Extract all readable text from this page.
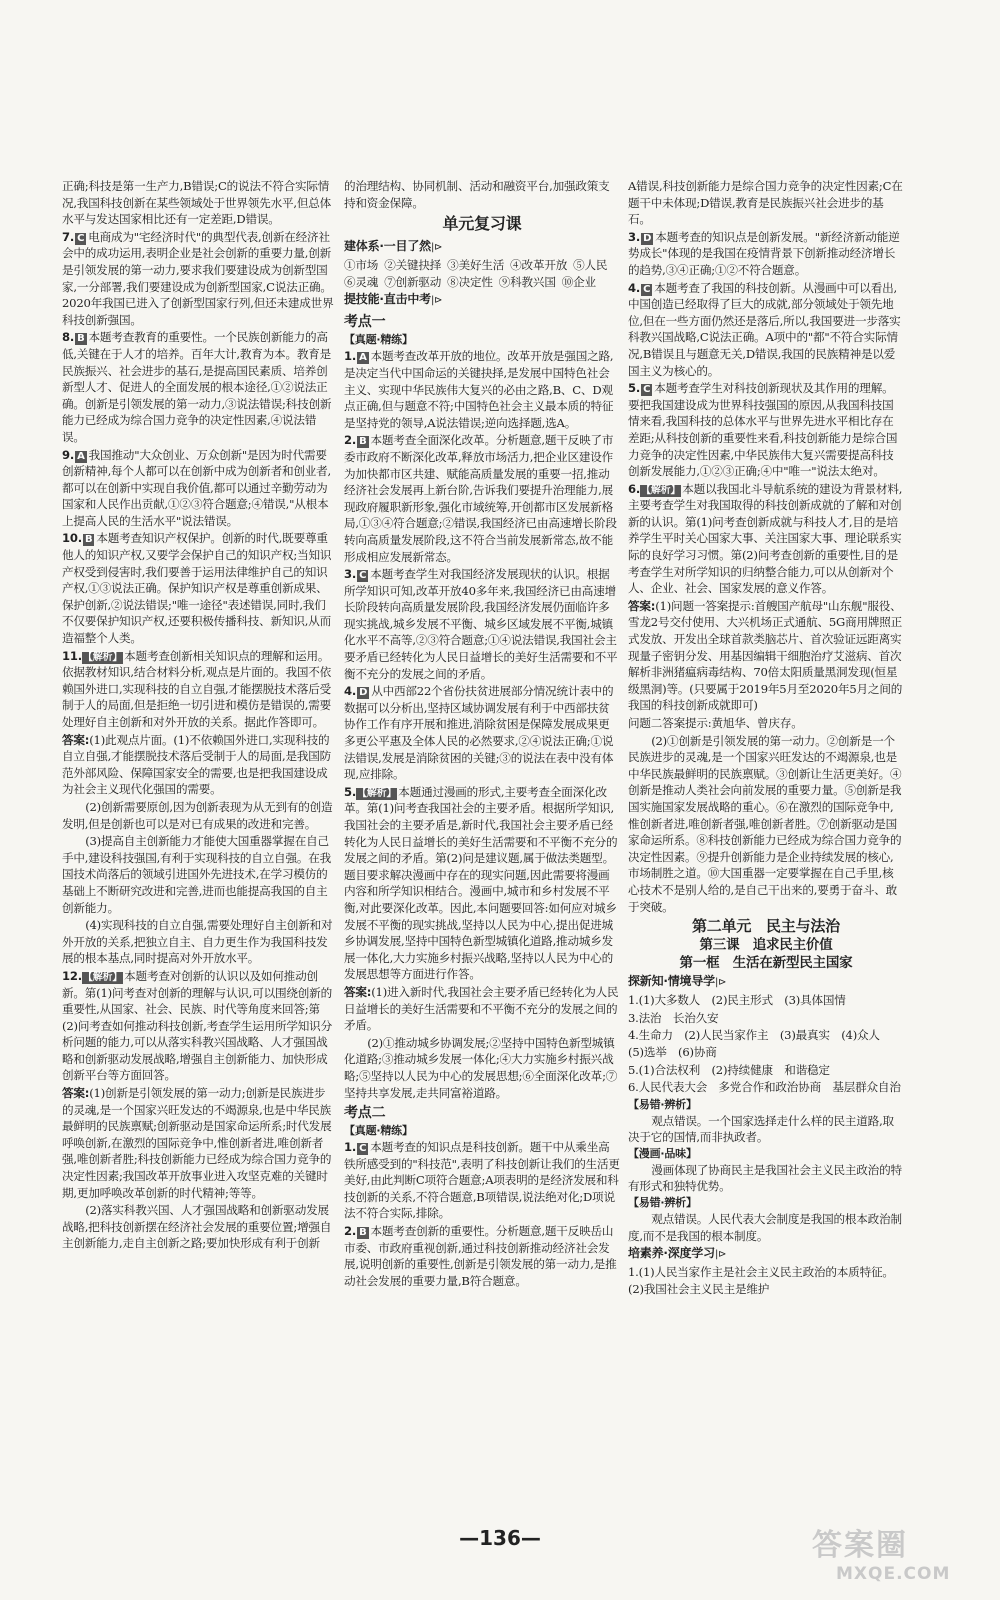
正确;科技是第一生产力,B错误;C的说法不符合实际情况,我国科技创新在某些领域处于世界领先水平,但总体水平与发达国家相比还有一定差距,D错误。

7. C 电商成为"宅经济时代"的典型代表,创新在经济社会中的成功运用,表明企业是社会创新的重要力量,创新是引领发展的第一动力,要求我们要建设成为创新型国家,一分部署,我们要建设成为创新型国家,C说法正确。2020年我国已进入了创新型国家行列,但还未建成世界科技创新强国。

8. B 本题考查教育的重要性。一个民族创新能力的高低,关键在于人才的培养。百年大计,教育为本。教育是民族振兴、社会进步的基石,是提高国民素质、培养创新型人才、促进人的全面发展的根本途径,①②说法正确。创新是引领发展的第一动力,③说法错误;科技创新能力已经成为综合国力竞争的决定性因素,④说法错误。

9. A 我国推动"大众创业、万众创新"是因为时代需要创新精神,每个人都可以在创新中成为创新者和创业者,都可以在创新中实现自我价值,都可以通过辛勤劳动为国家和人民作出贡献,①②③符合题意;④错误,"从根本上提高人民的生活水平"说法错误。

10. B 本题考查知识产权保护。创新的时代,既要尊重他人的知识产权,又要学会保护自己的知识产权;当知识产权受到侵害时,我们要善于运用法律维护自己的知识产权,①③说法正确。保护知识产权是尊重创新成果、保护创新,②说法错误;"唯一途径"表述错误,同时,我们不仅要保护知识产权,还要积极传播科技、新知识,从而造福整个人类。

11.【解析】 本题考查创新相关知识点的理解和运用。依据教材知识,结合材料分析,观点是片面的。我国不依赖国外进口,实现科技的自立自强,才能摆脱技术落后受制于人的局面,但是拒绝一切引进和模仿是错误的,需要处理好自主创新和对外开放的关系。据此作答即可。

答案:(1)此观点片面。(1)不依赖国外进口,实现科技的自立自强,才能摆脱技术落后受制于人的局面,是我国防范外部风险、保障国家安全的需要,也是把我国建设成为社会主义现代化强国的需要。

(2)创新需要原创,因为创新表现为从无到有的创造发明,但是创新也可以是对已有成果的改进和完善。

(3)提高自主创新能力才能使大国重器掌握在自己手中,建设科技强国,有利于实现科技的自立自强。在我国技术尚落后的领域引进国外先进技术,在学习模仿的基础上不断研究改进和完善,进而也能提高我国的自主创新能力。

(4)实现科技的自立自强,需要处理好自主创新和对外开放的关系,把独立自主、自力更生作为我国科技发展的根本基点,同时提高对外开放水平。

12.【解析】 本题考查对创新的认识以及如何推动创新。第(1)问考查对创新的理解与认识,可以围绕创新的重要性,从国家、社会、民族、时代等角度来回答;第(2)问考查如何推动科技创新,考查学生运用所学知识分析问题的能力,可以从落实科教兴国战略、人才强国战略和创新驱动发展战略,增强自主创新能力、加快形成创新平台等方面回答。

答案:(1)创新是引领发展的第一动力;创新是民族进步的灵魂,是一个国家兴旺发达的不竭源泉,也是中华民族最鲜明的民族禀赋;创新驱动是国家命运所系;时代发展呼唤创新,在激烈的国际竞争中,惟创新者进,唯创新者强,唯创新者胜;科技创新能力已经成为综合国力竞争的决定性因素;我国改革开放事业进入攻坚克难的关键时期,更加呼唤改革创新的时代精神;等等。

(2)落实科教兴国、人才强国战略和创新驱动发展战略,把科技创新摆在经济社会发展的重要位置;增强自主创新能力,走自主创新之路;要加快形成有利于创新

的治理结构、协同机制、活动和融资平台,加强政策支持和资金保障。

单元复习课
建体系·一目了然|⊳
①市场 ②关键抉择 ③美好生活 ④改革开放 ⑤人民
⑥灵魂 ⑦创新驱动 ⑧决定性 ⑨科教兴国 ⑩企业
提技能·直击中考|⊳
考点一
【真题·精练】

1. A 本题考查改革开放的地位。改革开放是强国之路,是决定当代中国命运的关键抉择,是发展中国特色社会主义、实现中华民族伟大复兴的必由之路,B、C、D观点正确,但与题意不符;中国特色社会主义最本质的特征是坚持党的领导,A说法错误;逆向选择题,选A。

2. B 本题考查全面深化改革。分析题意,题干反映了市委市政府不断深化改革,释放市场活力,把企业区建设作为加快都市区共建、赋能高质量发展的重要一招,推动经济社会发展再上新台阶,告诉我们要提升治理能力,展现政府履职新形象,强化市域统筹,开创都市区发展新格局,①③④符合题意;②错误,我国经济已由高速增长阶段转向高质量发展阶段,这不符合当前发展新常态,故不能形成相应发展新常态。

3. C 本题考查学生对我国经济发展现状的认识。根据所学知识可知,改革开放40多年来,我国经济已由高速增长阶段转向高质量发展阶段,我国经济发展仍面临许多现实挑战,城乡发展不平衡、城乡区域发展不平衡,城镇化水平不高等,②③符合题意;①④说法错误,我国社会主要矛盾已经转化为人民日益增长的美好生活需要和不平衡不充分的发展之间的矛盾。

4. D 从中西部22个省份扶贫进展部分情况统计表中的数据可以分析出,坚持区域协调发展有利于中西部扶贫协作工作有序开展和推进,消除贫困是保障发展成果更多更公平惠及全体人民的必然要求,②④说法正确;①说法错误,发展是消除贫困的关键;③的说法在表中没有体现,应排除。

5.【解析】 本题通过漫画的形式,主要考查全面深化改革。第(1)问考查我国社会的主要矛盾。根据所学知识,我国社会的主要矛盾是,新时代,我国社会主要矛盾已经转化为人民日益增长的美好生活需要和不平衡不充分的发展之间的矛盾。第(2)问是建议题,属于做法类题型。题目要求解决漫画中存在的现实问题,因此需要将漫画内容和所学知识相结合。漫画中,城市和乡村发展不平衡,对此要深化改革。因此,本问题要回答:如何应对城乡发展不平衡的现实挑战,坚持以人民为中心,提出促进城乡协调发展,坚持中国特色新型城镇化道路,推动城乡发展一体化,大力实施乡村振兴战略,坚持以人民为中心的发展思想等方面进行作答。

答案:(1)进入新时代,我国社会主要矛盾已经转化为人民日益增长的美好生活需要和不平衡不充分的发展之间的矛盾。

(2)①推动城乡协调发展;②坚持中国特色新型城镇化道路;③推动城乡发展一体化;④大力实施乡村振兴战略;⑤坚持以人民为中心的发展思想;⑥全面深化改革;⑦坚持共享发展,走共同富裕道路。

考点二
【真题·精练】

1. C 本题考查的知识点是科技创新。题干中从乘坐高铁所感受到的"科技范",表明了科技创新让我们的生活更美好,由此判断C项符合题意;A项表明的是经济发展和科技创新的关系,不符合题意,B项错误,说法绝对化;D项说法不符合实际,排除。

2. B 本题考查创新的重要性。分析题意,题干反映岳山市委、市政府重视创新,通过科技创新推动经济社会发展,说明创新的重要性,创新是引领发展的第一动力,是推动社会发展的重要力量,B符合题意。

A错误,科技创新能力是综合国力竞争的决定性因素;C在题干中未体现;D错误,教育是民族振兴社会进步的基石。

3. D 本题考查的知识点是创新发展。"新经济新动能逆势成长"体现的是我国在疫情背景下创新推动经济增长的趋势,③④正确;①②不符合题意。

4. C 本题考查了我国的科技创新。从漫画中可以看出,中国创造已经取得了巨大的成就,部分领域处于领先地位,但在一些方面仍然还是落后,所以,我国要进一步落实科教兴国战略,C说法正确。A项中的"都"不符合实际情况,B错误且与题意无关,D错误,我国的民族精神是以爱国主义为核心的。

5. C 本题考查学生对科技创新现状及其作用的理解。要把我国建设成为世界科技强国的原因,从我国科技国情来看,我国科技的总体水平与世界先进水平相比存在差距;从科技创新的重要性来看,科技创新能力是综合国力竞争的决定性因素,中华民族伟大复兴需要提高科技创新发展能力,①②③正确;④中"唯一"说法太绝对。

6.【解析】 本题以我国北斗导航系统的建设为背景材料,主要考查学生对我国取得的科技创新成就的了解和对创新的认识。第(1)问考查创新成就与科技人才,目的是培养学生平时关心国家大事、关注国家大事、理论联系实际的良好学习习惯。第(2)问考查创新的重要性,目的是考查学生对所学知识的归纳整合能力,可以从创新对个人、企业、社会、国家发展的意义作答。

答案:(1)问题一答案提示:首艘国产航母"山东舰"服役、雪龙2号交付使用、大兴机场正式通航、5G商用牌照正式发放、开发出全球首款类脑芯片、首次验证远距离实现量子密钥分发、用基因编辑干细胞治疗艾滋病、首次解析非洲猪瘟病毒结构、70倍太阳质量黑洞发现(恒星级黑洞)等。(只要属于2019年5月至2020年5月之间的我国的科技创新成就即可)

问题二答案提示:黄旭华、曾庆存。

(2)①创新是引领发展的第一动力。②创新是一个民族进步的灵魂,是一个国家兴旺发达的不竭源泉,也是中华民族最鲜明的民族禀赋。③创新让生活更美好。④创新是推动人类社会向前发展的重要力量。⑤创新是我国实施国家发展战略的重心。⑥在激烈的国际竞争中,惟创新者进,唯创新者强,唯创新者胜。⑦创新驱动是国家命运所系。⑧科技创新能力已经成为综合国力竞争的决定性因素。⑨提升创新能力是企业持续发展的核心,市场制胜之道。⑩大国重器一定要掌握在自己手里,核心技术不是别人给的,是自己干出来的,要勇于奋斗、敢于突破。

第二单元　民主与法治
第三课　追求民主价值
第一框　生活在新型民主国家
探新知·情境导学|⊳

1.(1)大多数人　(2)民主形式　(3)具体国情

3.法治　长治久安

4.生命力　(2)人民当家作主　(3)最真实　(4)众人　(5)选举　(6)协商

5.(1)合法权利　(2)持续健康　和谐稳定

6.人民代表大会　多党合作和政治协商　基层群众自治

【易错·辨析】

观点错误。一个国家选择走什么样的民主道路,取决于它的国情,而非执政者。

【漫画·品味】

漫画体现了协商民主是我国社会主义民主政治的特有形式和独特优势。

【易错·辨析】

观点错误。人民代表大会制度是我国的根本政治制度,而不是我国的根本制度。

培素养·深度学习|⊳

1.(1)人民当家作主是社会主义民主政治的本质特征。(2)我国社会主义民主是维护

—136—	答案圈
MXQE.COM
